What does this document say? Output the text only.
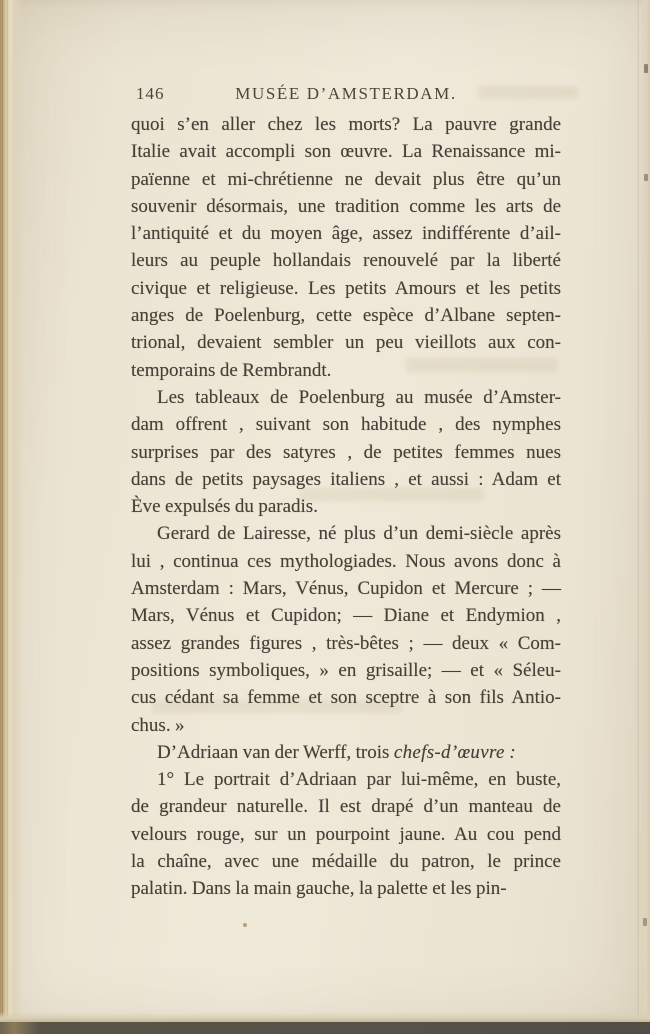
146	MUSÉE D’AMSTERDAM.
quoi s’en aller chez les morts? La pauvre grande
Italie avait accompli son œuvre. La Renaissance mi-
païenne et mi-chrétienne ne devait plus être qu’un
souvenir désormais, une tradition comme les arts de
l’antiquité et du moyen âge, assez indifférente d’ail-
leurs au peuple hollandais renouvelé par la liberté
civique et religieuse. Les petits Amours et les petits
anges de Poelenburg, cette espèce d’Albane septen-
trional, devaient sembler un peu vieillots aux con-
temporains de Rembrandt.
Les tableaux de Poelenburg au musée d’Amster-
dam offrent , suivant son habitude , des nymphes
surprises par des satyres , de petites femmes nues
dans de petits paysages italiens , et aussi : Adam et
Ève expulsés du paradis.
Gerard de Lairesse, né plus d’un demi-siècle après
lui , continua ces mythologiades. Nous avons donc à
Amsterdam : Mars, Vénus, Cupidon et Mercure ; —
Mars, Vénus et Cupidon; — Diane et Endymion ,
assez grandes figures , très-bêtes ; — deux « Com-
positions symboliques, » en grisaille; — et « Séleu-
cus cédant sa femme et son sceptre à son fils Antio-
chus. »
D’Adriaan van der Werff, trois chefs-d’œuvre :
1° Le portrait d’Adriaan par lui-même, en buste,
de grandeur naturelle. Il est drapé d’un manteau de
velours rouge, sur un pourpoint jaune. Au cou pend
la chaîne, avec une médaille du patron, le prince
palatin. Dans la main gauche, la palette et les pin-
